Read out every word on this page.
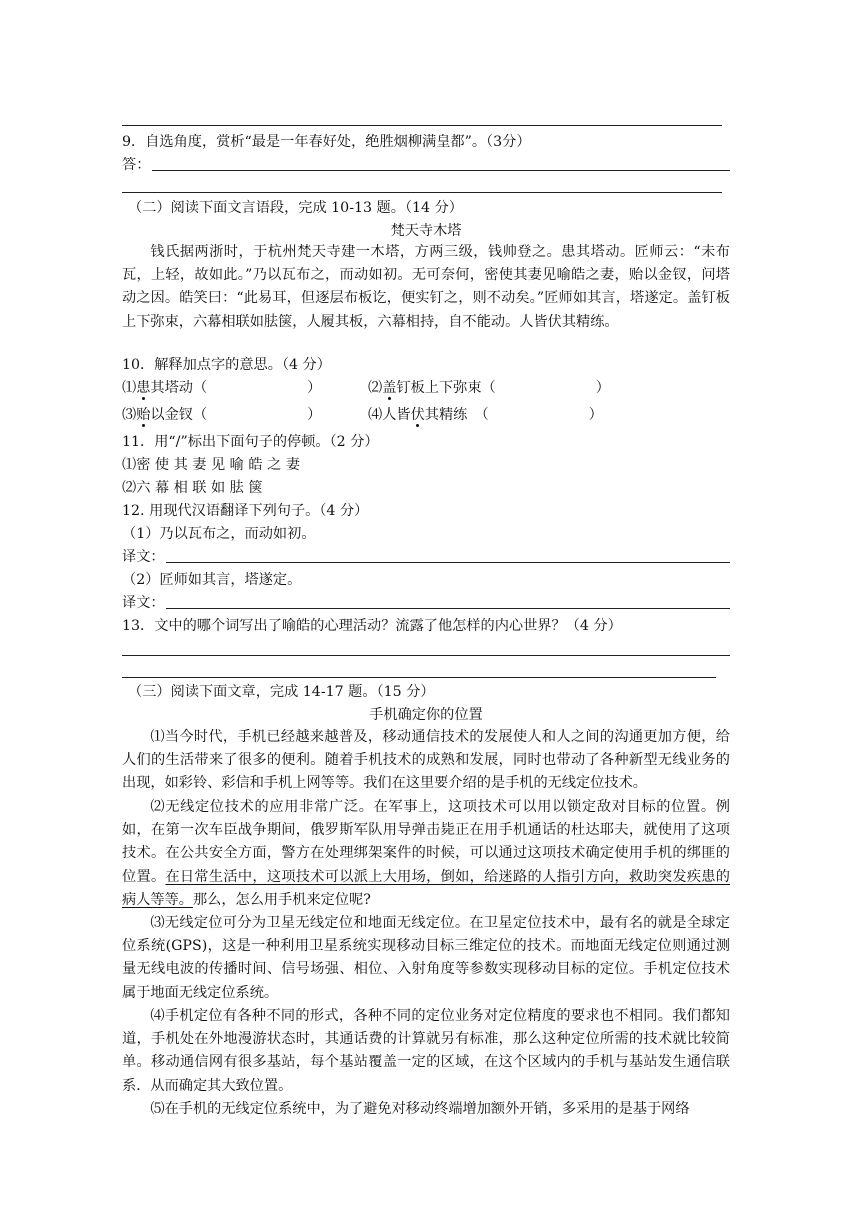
9．自选角度，赏析“最是一年春好处，绝胜烟柳满皇都”。（3分）
答：
（二）阅读下面文言语段，完成 10-13 题。（14 分）
梵天寺木塔
钱氏据两浙时，于杭州梵天寺建一木塔，方两三级，钱帅登之。患其塔动。匠师云：“未布瓦，上轻，故如此。”乃以瓦布之，而动如初。无可奈何，密使其妻见喻皓之妻，贻以金钗，问塔动之因。皓笑曰：“此易耳，但逐层布板讫，便实钉之，则不动矣。”匠师如其言，塔遂定。盖钉板上下弥束，六幕相联如胠箧，人履其板，六幕相持，自不能动。人皆伏其精练。
10．解释加点字的意思。（4 分）
⑴患其塔动（	）	⑵盖钉板上下弥束（	）
⑶贻以金钗（	）	⑷人皆伏其精练　（	）
11．用“/”标出下面句子的停顿。（2 分）
⑴密 使 其 妻 见 喻 皓 之 妻
⑵六 幕 相 联 如 胠 箧
12. 用现代汉语翻译下列句子。（4 分）
（1）乃以瓦布之，而动如初。
译文：
（2）匠师如其言，塔遂定。
译文：
13．文中的哪个词写出了喻皓的心理活动？流露了他怎样的内心世界？（4 分）
（三）阅读下面文章，完成 14-17 题。（15 分）
手机确定你的位置
⑴当今时代，手机已经越来越普及，移动通信技术的发展使人和人之间的沟通更加方便，给人们的生活带来了很多的便利。随着手机技术的成熟和发展，同时也带动了各种新型无线业务的出现，如彩铃、彩信和手机上网等等。我们在这里要介绍的是手机的无线定位技术。
⑵无线定位技术的应用非常广泛。在军事上，这项技术可以用以锁定敌对目标的位置。例如，在第一次车臣战争期间，俄罗斯军队用导弹击毙正在用手机通话的杜达耶夫，就使用了这项技术。在公共安全方面，警方在处理绑架案件的时候，可以通过这项技术确定使用手机的绑匪的位置。在日常生活中，这项技术可以派上大用场，倒如，给迷路的人指引方向，救助突发疾患的病人等等。那么，怎么用手机来定位呢?
⑶无线定位可分为卫星无线定位和地面无线定位。在卫星定位技术中，最有名的就是全球定位系统(GPS)，这是一种利用卫星系统实现移动目标三维定位的技术。而地面无线定位则通过测量无线电波的传播时间、信号场强、相位、入射角度等参数实现移动目标的定位。手机定位技术属于地面无线定位系统。
⑷手机定位有各种不同的形式，各种不同的定位业务对定位精度的要求也不相同。我们都知道，手机处在外地漫游状态时，其通话费的计算就另有标准，那么这种定位所需的技术就比较简单。移动通信网有很多基站，每个基站覆盖一定的区域，在这个区域内的手机与基站发生通信联系．从而确定其大致位置。
⑸在手机的无线定位系统中，为了避免对移动终端增加额外开销，多采用的是基于网络
